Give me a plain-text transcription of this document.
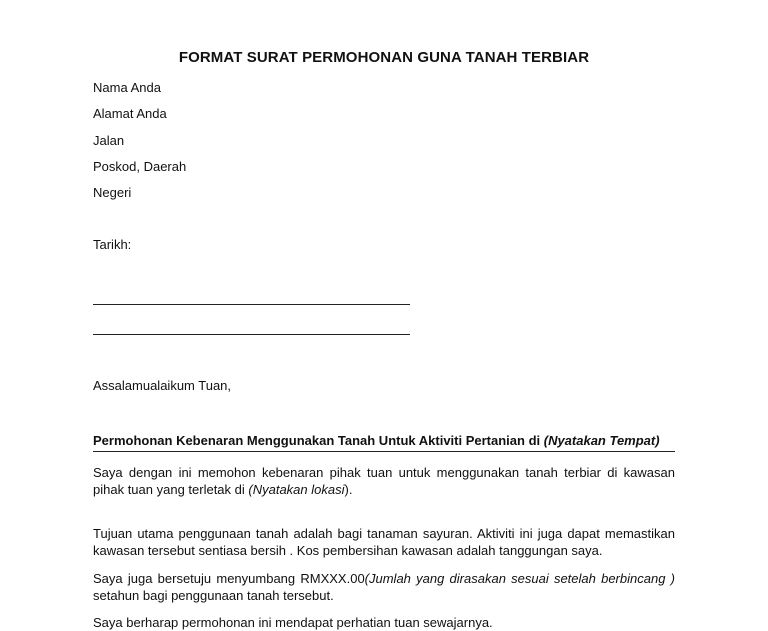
FORMAT SURAT PERMOHONAN GUNA TANAH TERBIAR
Nama Anda
Alamat Anda
Jalan
Poskod, Daerah
Negeri
Tarikh:
Assalamualaikum Tuan,
Permohonan Kebenaran Menggunakan Tanah Untuk Aktiviti Pertanian di (Nyatakan Tempat)
Saya dengan ini memohon kebenaran pihak tuan untuk menggunakan tanah terbiar di kawasan pihak tuan yang terletak di (Nyatakan lokasi).
Tujuan utama penggunaan tanah adalah bagi tanaman sayuran. Aktiviti ini juga dapat memastikan kawasan tersebut sentiasa bersih . Kos pembersihan kawasan adalah tanggungan saya.
Saya juga bersetuju menyumbang RMXXX.00(Jumlah yang dirasakan sesuai setelah berbincang ) setahun bagi penggunaan tanah tersebut.
Saya berharap permohonan ini mendapat perhatian tuan sewajarnya.
